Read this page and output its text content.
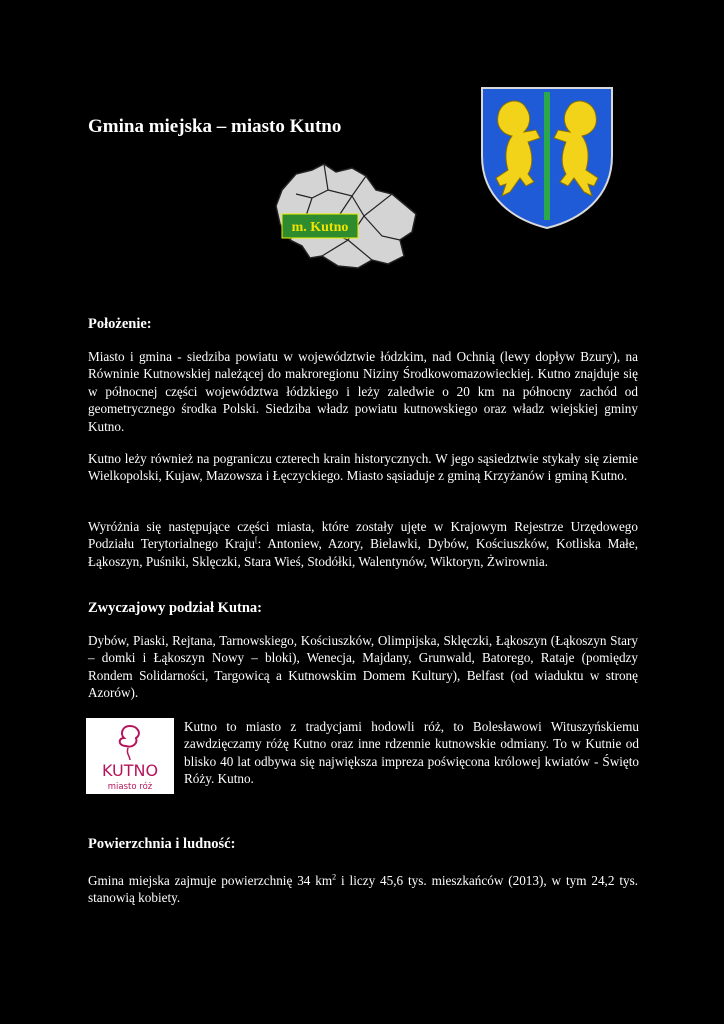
Gmina miejska – miasto Kutno
m. Kutno
Położenie:

Miasto i gmina - siedziba powiatu w województwie łódzkim, nad Ochnią (lewy dopływ Bzury), na Równinie Kutnowskiej należącej do makroregionu Niziny Środkowomazowieckiej. Kutno znajduje się w północnej części województwa łódzkiego i leży zaledwie o 20 km na północny zachód od geometrycznego środka Polski. Siedziba władz powiatu kutnowskiego oraz władz wiejskiej gminy Kutno.

Kutno leży również na pograniczu czterech krain historycznych. W jego sąsiedztwie stykały się ziemie Wielkopolski, Kujaw, Mazowsza i Łęczyckiego. Miasto sąsiaduje z gminą Krzyżanów i gminą Kutno.

Wyróżnia się następujące części miasta, które zostały ujęte w Krajowym Rejestrze Urzędowego Podziału Terytorialnego Kraju[: Antoniew, Azory, Bielawki, Dybów, Kościuszków, Kotliska Małe, Łąkoszyn, Puśniki, Sklęczki, Stara Wieś, Stodółki, Walentynów, Wiktoryn, Żwirownia.

Zwyczajowy podział Kutna:

Dybów, Piaski, Rejtana, Tarnowskiego, Kościuszków, Olimpijska, Sklęczki, Łąkoszyn (Łąkoszyn Stary – domki i Łąkoszyn Nowy – bloki), Wenecja, Majdany, Grunwald, Batorego, Rataje (pomiędzy Rondem Solidarności, Targowicą a Kutnowskim Domem Kultury), Belfast (od wiaduktu w stronę Azorów).

KUTNO
miasto róż

Kutno to miasto z tradycjami hodowli róż, to Bolesławowi Wituszyńskiemu zawdzięczamy różę Kutno oraz inne rdzennie kutnowskie odmiany. To w Kutnie od blisko 40 lat odbywa się największa impreza poświęcona królowej kwiatów - Święto Róży. Kutno.

Powierzchnia i ludność:

Gmina miejska zajmuje powierzchnię 34 $km^2$ i liczy 45,6 tys. mieszkańców (2013), w tym 24,2 tys. stanowią kobiety.
